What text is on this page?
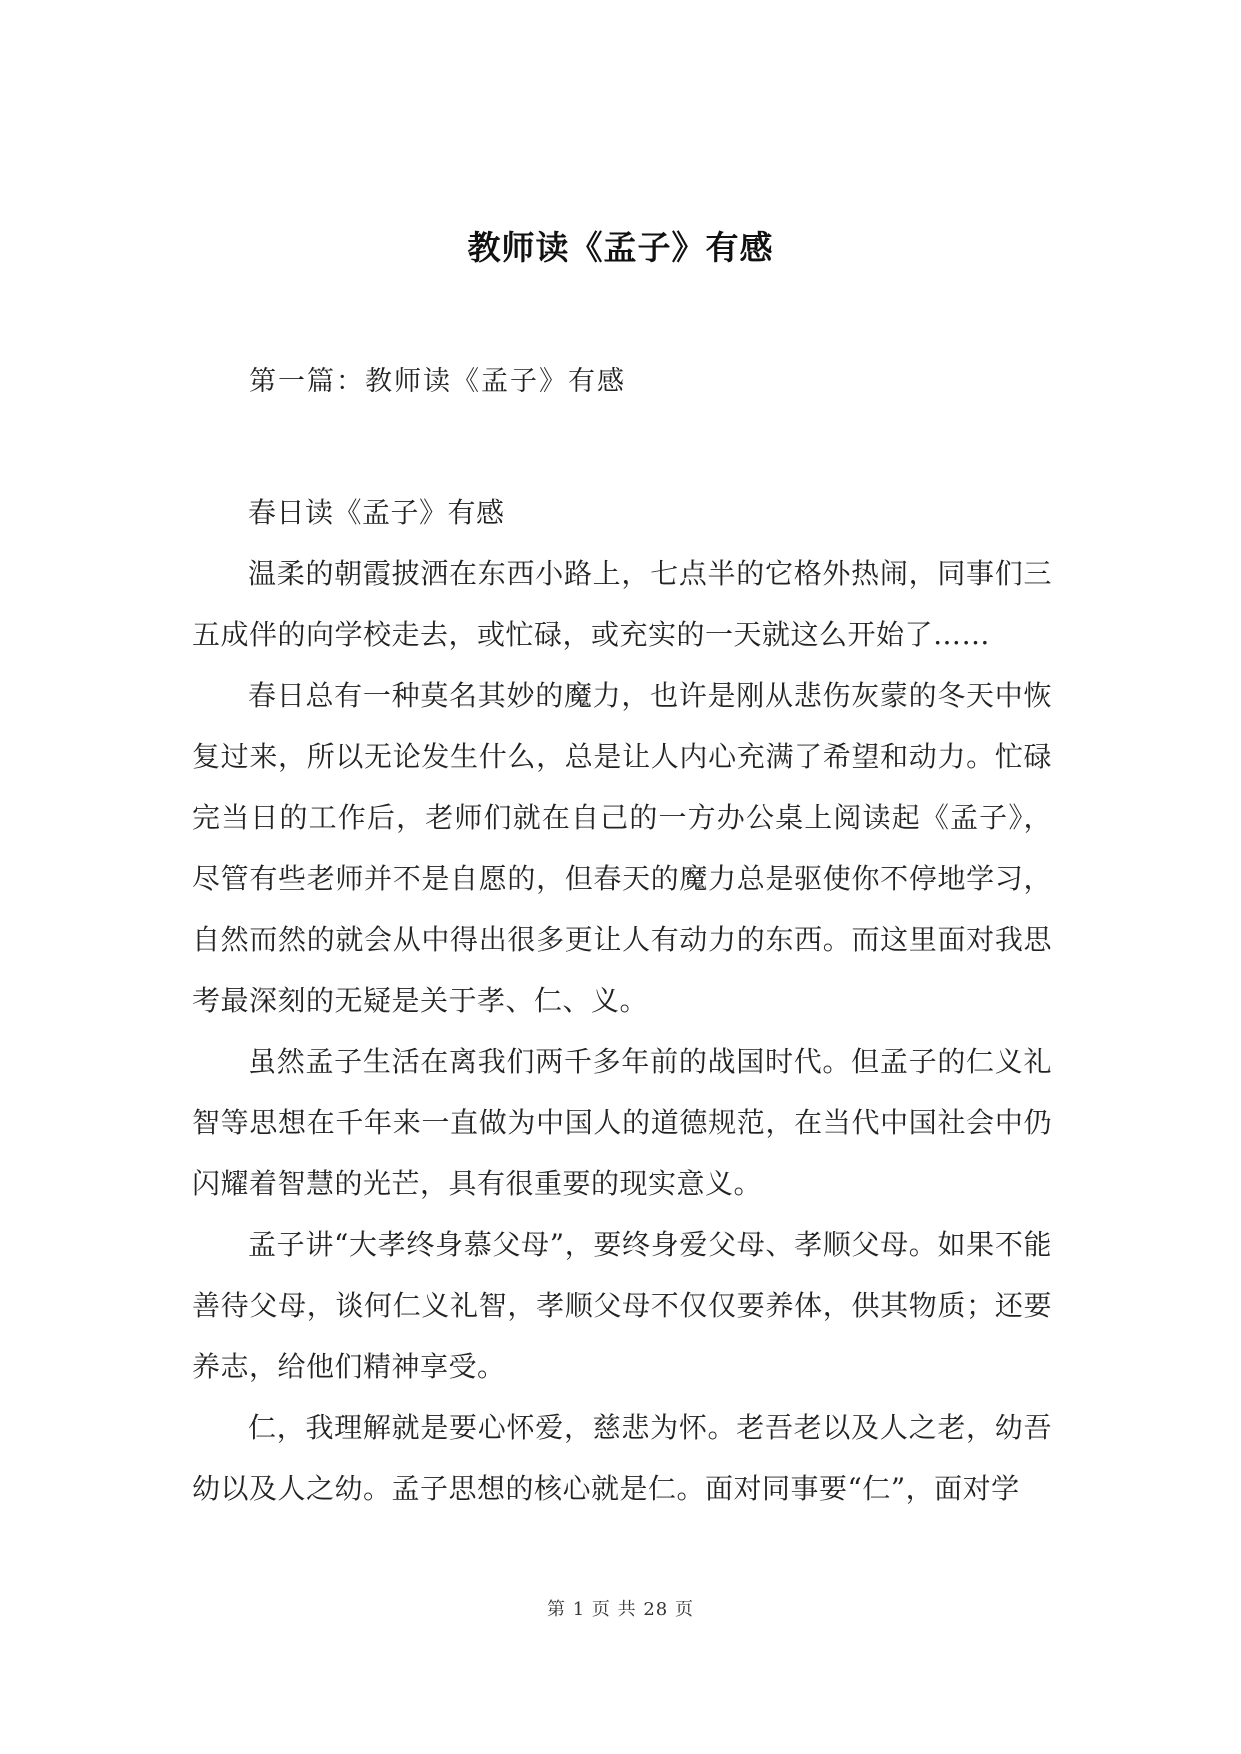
教师读《孟子》有感
第一篇：教师读《孟子》有感

春日读《孟子》有感

温柔的朝霞披洒在东西小路上，七点半的它格外热闹，同事们三五成伴的向学校走去，或忙碌，或充实的一天就这么开始了……

春日总有一种莫名其妙的魔力，也许是刚从悲伤灰蒙的冬天中恢复过来，所以无论发生什么，总是让人内心充满了希望和动力。忙碌完当日的工作后，老师们就在自己的一方办公桌上阅读起《孟子》，尽管有些老师并不是自愿的，但春天的魔力总是驱使你不停地学习，自然而然的就会从中得出很多更让人有动力的东西。而这里面对我思考最深刻的无疑是关于孝、仁、义。

虽然孟子生活在离我们两千多年前的战国时代。但孟子的仁义礼智等思想在千年来一直做为中国人的道德规范，在当代中国社会中仍闪耀着智慧的光芒，具有很重要的现实意义。

孟子讲“大孝终身慕父母”，要终身爱父母、孝顺父母。如果不能善待父母，谈何仁义礼智，孝顺父母不仅仅要养体，供其物质；还要养志，给他们精神享受。

仁，我理解就是要心怀爱，慈悲为怀。老吾老以及人之老，幼吾幼以及人之幼。孟子思想的核心就是仁。面对同事要“仁”，面对学

第 1 页 共 28 页
